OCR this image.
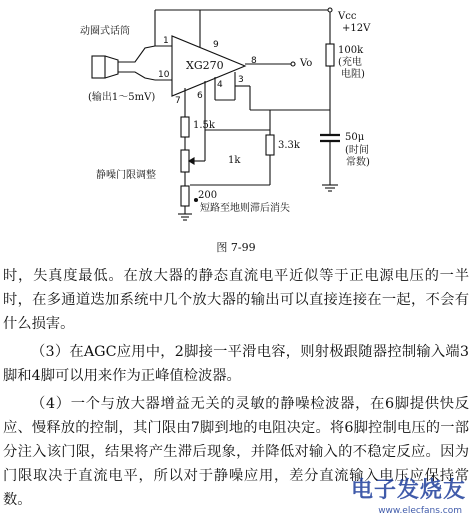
XG270
动圈式话筒
(输出1～5mV)
Vcc
+12V
Vo
100k
(充电
电阻)
1.5k
3.3k
1k
静噪门限调整
200
短路至地则滞后消失
50μ
(时间
常数)
1
10
9
8
7 6
4 3
图 7-99

时，失真度最低。在放大器的静态直流电平近似等于正电源电压的一半时，在多通道迭加系统中几个放大器的输出可以直接连接在一起，不会有什么损害。

（3）在AGC应用中，2脚接一平滑电容，则射极跟随器控制输入端3脚和4脚可以用来作为正峰值检波器。

（4）一个与放大器增益无关的灵敏的静噪检波器，在6脚提供快反应、慢释放的控制，其门限由7脚到地的电阻决定。将6脚控制电压的一部分注入该门限，结果将产生滞后现象，并降低对输入的不稳定反应。因为门限取决于直流电平，所以对于静噪应用，差分直流输入电压应保持常数。	电子发烧友
www.elecfans.com
